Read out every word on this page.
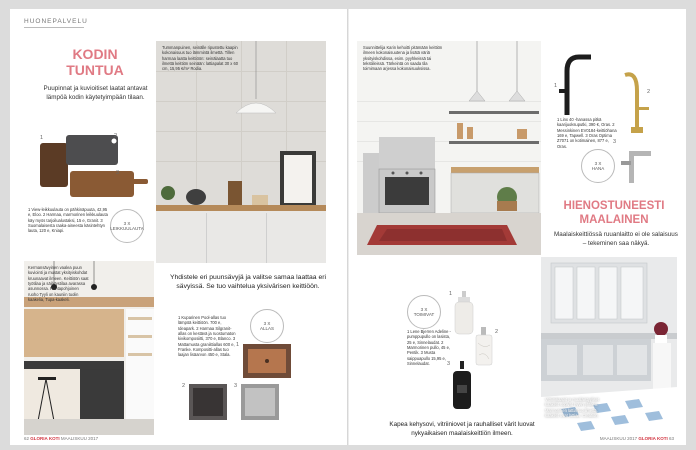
HUONEPALVELU
KODIN
TUNTUA
Puupinnat ja kuvioitiset laatat antavat lämpöä kodin käytetyimpään tilaan.
1	2
3
1 View-leikkuulauta on pähkinäpuuta, 42,95 e, Eloo. 2 Harmaa, marmorinen leikkuulauta käy myös tarjoilualustaksi, 15 e, Granit. 3 Suomalaisesta raaka-aineesta käsintehtyn lauta, 120 e, Kniapi.
3 X
LEIKKUULAUTA
Tummanpuinen, seinälle ripustettu kaapin kokonaisuus tuo lämmintä ilmettä. Tillen harmaa laatta keittiöön: seinälaatta tuo ilmettä keittiön seinään: lattiapalat 30 x 60 cm, 15,95 €/m² Rodia.
Kermansävyinen vaalea puun kuviointi ja mustat yksityiskohdat kruunaavat ilmeen. Keittiöön saat työtilaa ja säilytystilaa avarassa asunnossa. Rantapohjoinen ruoho Tyyli on kauniin tuolin kaakelia, Tupa-kaakeli.
Yhdistele eri puunsävyjä ja valitse samaa laattaa eri sävyissä. Se tuo vaihtelua yksivärisen keittiöön.
3 X
ALLAS
1 Kuparinen Pool-allas tuo lämpöä keittiöön. 700 e, Ideapark. 2 Harmaa Silgranit-allas on kestävä ja ruostumaton kivikomposiitti, 370 e, Blanco. 3 Mattamusta graniittiallas 600 e, Franke. Kompositti-allas tuo laajan lisäarvon 450 e, Stala.
1
2	3
62 GLORIA KOTI MAALISKUU 2017
Suunnittelija Karin kehoitti pitämään keittiön ilmeen kokonaisuutena ja lisätä väriä yksityiskohdissa, esim. pyyhkeissä tai tekstiileissä. Tärkeintä on saada tila toimimaan arjessa kokonaisuuksissa.
1
2
3
1 Linx 40 -hanassa pitkä kaarijuoksuputki, 390 €, Oras. 2 Messinkinen EV0184-keittiöhana 169 e, Tapwell. 3 Oras Optima Z7071 on kotimainen, 877 e, Oras.
3 X
HANA
HIENOSTUNEESTI
MAALAINEN
Maalaiskeittiössä ruuanlaitto ei ole salaisuus – tekeminen saa näkyä.
3 X
TOIMIVAT
1 Lene Bjerren Adeline -pumppupullo on lasista, 25 e, Sinnelaudat. 2 Marmorinen pullo, 45 e, Pentik. 3 Musta saippuapullo 15,95 e, Sinnelaudat.
1
2
3
Kapea kehysovi, vitriiniovet ja rauhalliset värit luovat nykyaikaisen maalaiskeittiön ilmeen.
Vitriinikaapit ja maalaistyyliset kaakelit sopivat hyvin yhteen. Marmorinen lattia tuo ilmettä, kaakelit ovat lattiaa. Creation.
MAALISKUU 2017 GLORIA KOTI 63
